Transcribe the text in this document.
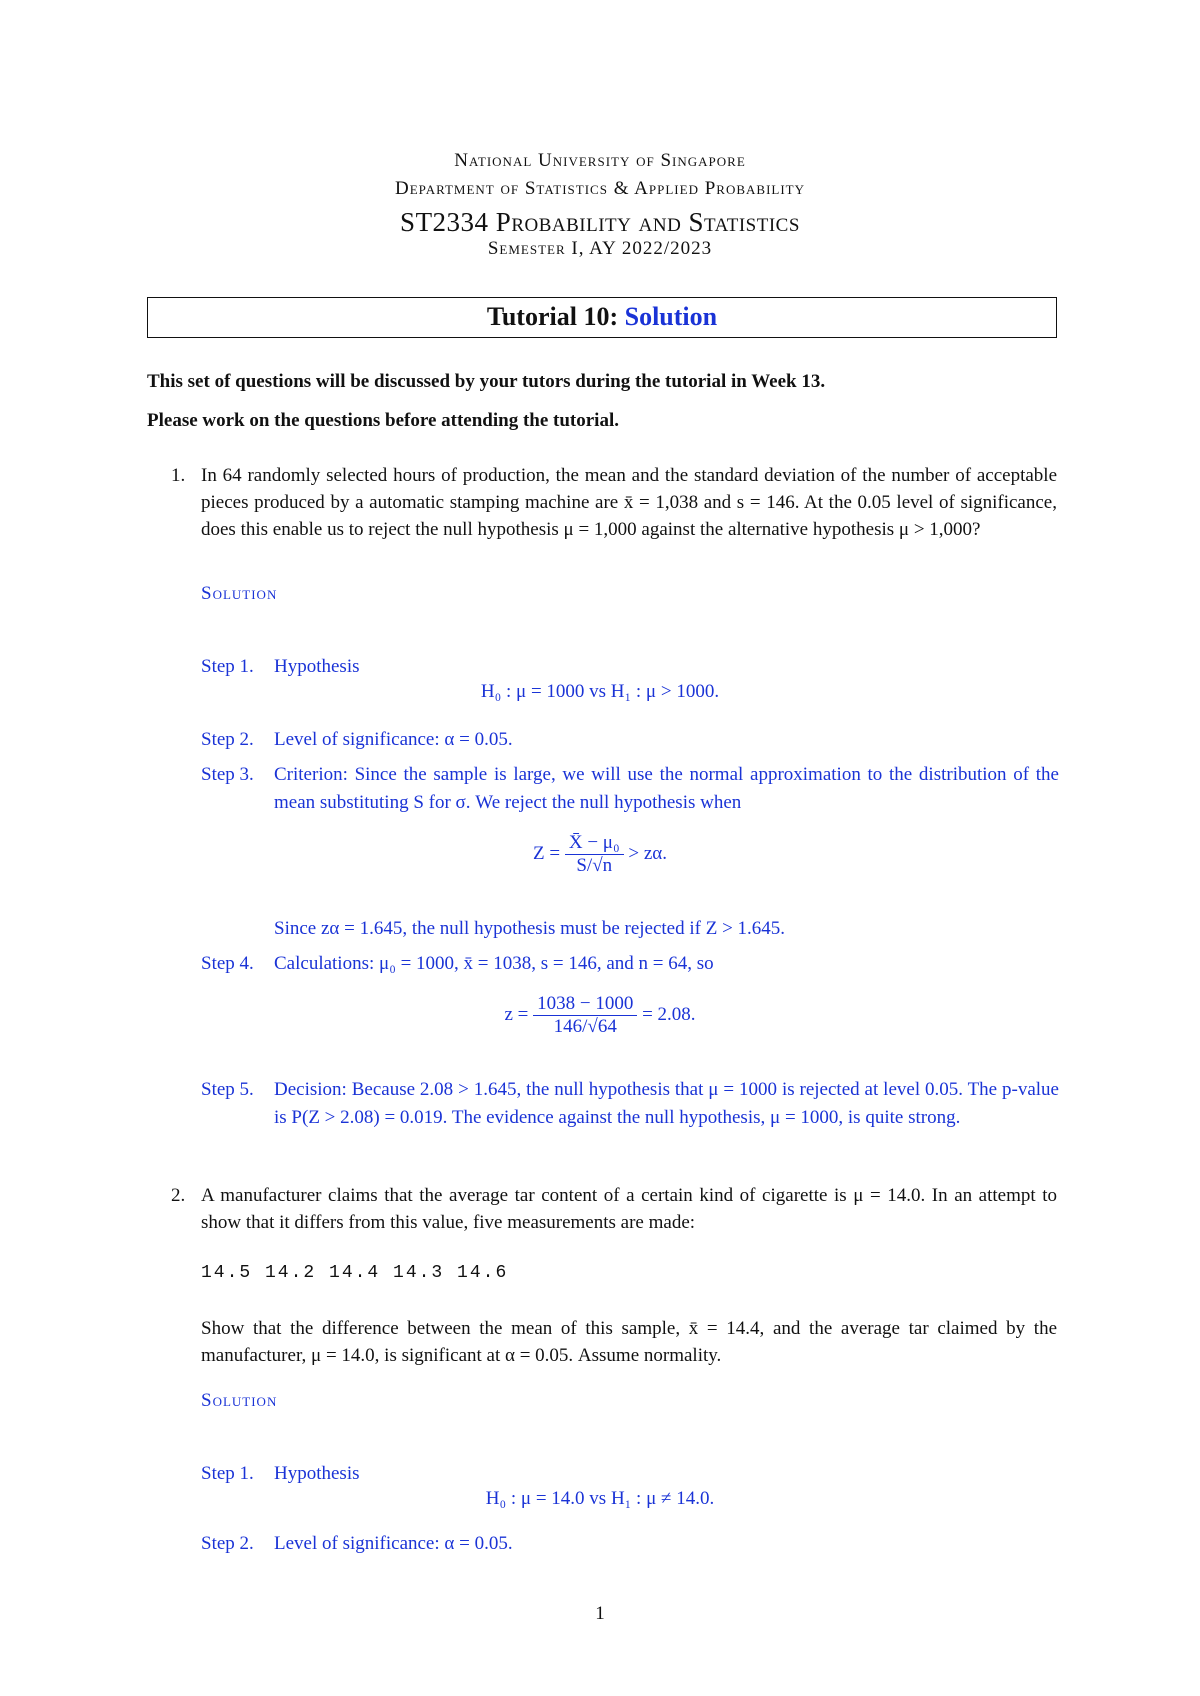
National University of Singapore
Department of Statistics & Applied Probability
ST2334 Probability and Statistics
Semester I, AY 2022/2023
Tutorial 10: Solution
This set of questions will be discussed by your tutors during the tutorial in Week 13.
Please work on the questions before attending the tutorial.
1. In 64 randomly selected hours of production, the mean and the standard deviation of the number of acceptable pieces produced by a automatic stamping machine are x̄ = 1,038 and s = 146. At the 0.05 level of significance, does this enable us to reject the null hypothesis μ = 1,000 against the alternative hypothesis μ > 1,000?
Solution
Step 1. Hypothesis
H₀ : μ = 1000 vs H₁ : μ > 1000.
Step 2. Level of significance: α = 0.05.
Step 3. Criterion: Since the sample is large, we will use the normal approximation to the distribution of the mean substituting S for σ. We reject the null hypothesis when
$Z = \frac{\text{X̄ − μ₀}}{S/√n} > z\alpha$.
Since zα = 1.645, the null hypothesis must be rejected if Z > 1.645.
Step 4. Calculations: μ₀ = 1000, x̄ = 1038, s = 146, and n = 64, so
$z = \frac{1038 - 1000}{146/√64} = 2.08$.
Step 5. Decision: Because 2.08 > 1.645, the null hypothesis that μ = 1000 is rejected at level 0.05. The p-value is P(Z > 2.08) = 0.019. The evidence against the null hypothesis, μ = 1000, is quite strong.
2. A manufacturer claims that the average tar content of a certain kind of cigarette is μ = 14.0. In an attempt to show that it differs from this value, five measurements are made:
14.5 14.2 14.4 14.3 14.6
Show that the difference between the mean of this sample, x̄ = 14.4, and the average tar claimed by the manufacturer, μ = 14.0, is significant at α = 0.05. Assume normality.
Solution
Step 1. Hypothesis
H₀ : μ = 14.0 vs H₁ : μ ≠ 14.0.
Step 2. Level of significance: α = 0.05.
1
